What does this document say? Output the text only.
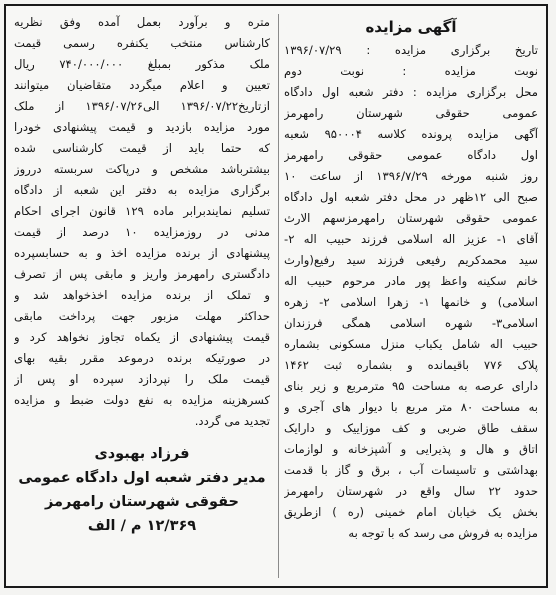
آگهی مزایده
تاریخ برگزاری مزایده : ۱۳۹۶/۰۷/۲۹
نوبت مزایده : نوبت دوم
محل برگزاری مزایده : دفتر شعبه اول دادگاه
عمومی حقوقی شهرستان رامهرمز
آگهی مزایده پرونده کلاسه ۹۵۰۰۰۴ شعبه
اول دادگاه عمومی حقوقی رامهرمز
روز شنبه مورخه ۱۳۹۶/۷/۲۹ از ساعت ۱۰
صبح الی ۱۲ظهر در محل دفتر شعبه اول دادگاه
عمومی حقوقی شهرستان رامهرمزسهم الارث
آقای ۱- عزیز اله اسلامی فرزند حبیب اله ۲-
سید محمدکریم رفیعی فرزند سید رفیع(وارث
خانم سکینه واعظ پور مادر مرحوم حبیب اله
اسلامی) و خانمها ۱- زهرا اسلامی ۲- زهره
اسلامی۳- شهره اسلامی همگی فرزندان
حبیب اله شامل یکباب منزل مسکونی بشماره
پلاک ۷۷۶ باقیمانده و بشماره ثبت ۱۴۶۲
دارای عرصه به مساحت ۹۵ مترمربع و زیر بنای
به مساحت ۸۰ متر مربع با دیوار های آجری و
سقف طاق ضربی و کف موزاییک و دارایک
اتاق و هال و پذیرایی و آشپزخانه و لوازمات
بهداشتی و تاسیسات آب ، برق و گاز با قدمت
حدود ۲۲ سال واقع در شهرستان رامهرمز
بخش یک خیابان امام خمینی (ره ) ازطریق
مزایده به فروش می رسد که با توجه به
متره و برآورد بعمل آمده وفق نظریه
کارشناس منتخب یکنفره رسمی قیمت
ملک مذکور بمبلغ ۷۴۰/۰۰۰/۰۰۰ ریال
تعیین و اعلام میگردد متقاضیان میتوانند
ازتاریخ۱۳۹۶/۰۷/۲۲ الی۱۳۹۶/۰۷/۲۶ از ملک
مورد مزایده بازدید و قیمت پیشنهادی خودرا
که حتما باید از قیمت کارشناسی شده
بیشترباشد مشخص و درپاکت سربسته درروز
برگزاری مزایده به دفتر این شعبه از دادگاه
تسلیم نمایندبرابر ماده ۱۲۹ قانون اجرای احکام
مدنی در روزمزایده ۱۰ درصد از قیمت
پیشنهادی از برنده مزایده اخذ و به حسابسپرده
دادگستری رامهرمز واریز و مابقی پس از تصرف
و تملک از برنده مزایده اخذخواهد شد و
حداکثر مهلت مزبور جهت پرداخت مابقی
قیمت پیشنهادی از یکماه تجاوز نخواهد کرد و
در صورتیکه برنده درموعد مقرر بقیه بهای
قیمت ملک را نپردازد سپرده او پس از
کسرهزینه مزایده به نفع دولت ضبط و مزایده
تجدید می گردد.
فرزاد بهبودی
مدیر دفتر شعبه اول دادگاه عمومی
حقوقی شهرستان رامهرمز
۱۲/۳۶۹ م / الف
